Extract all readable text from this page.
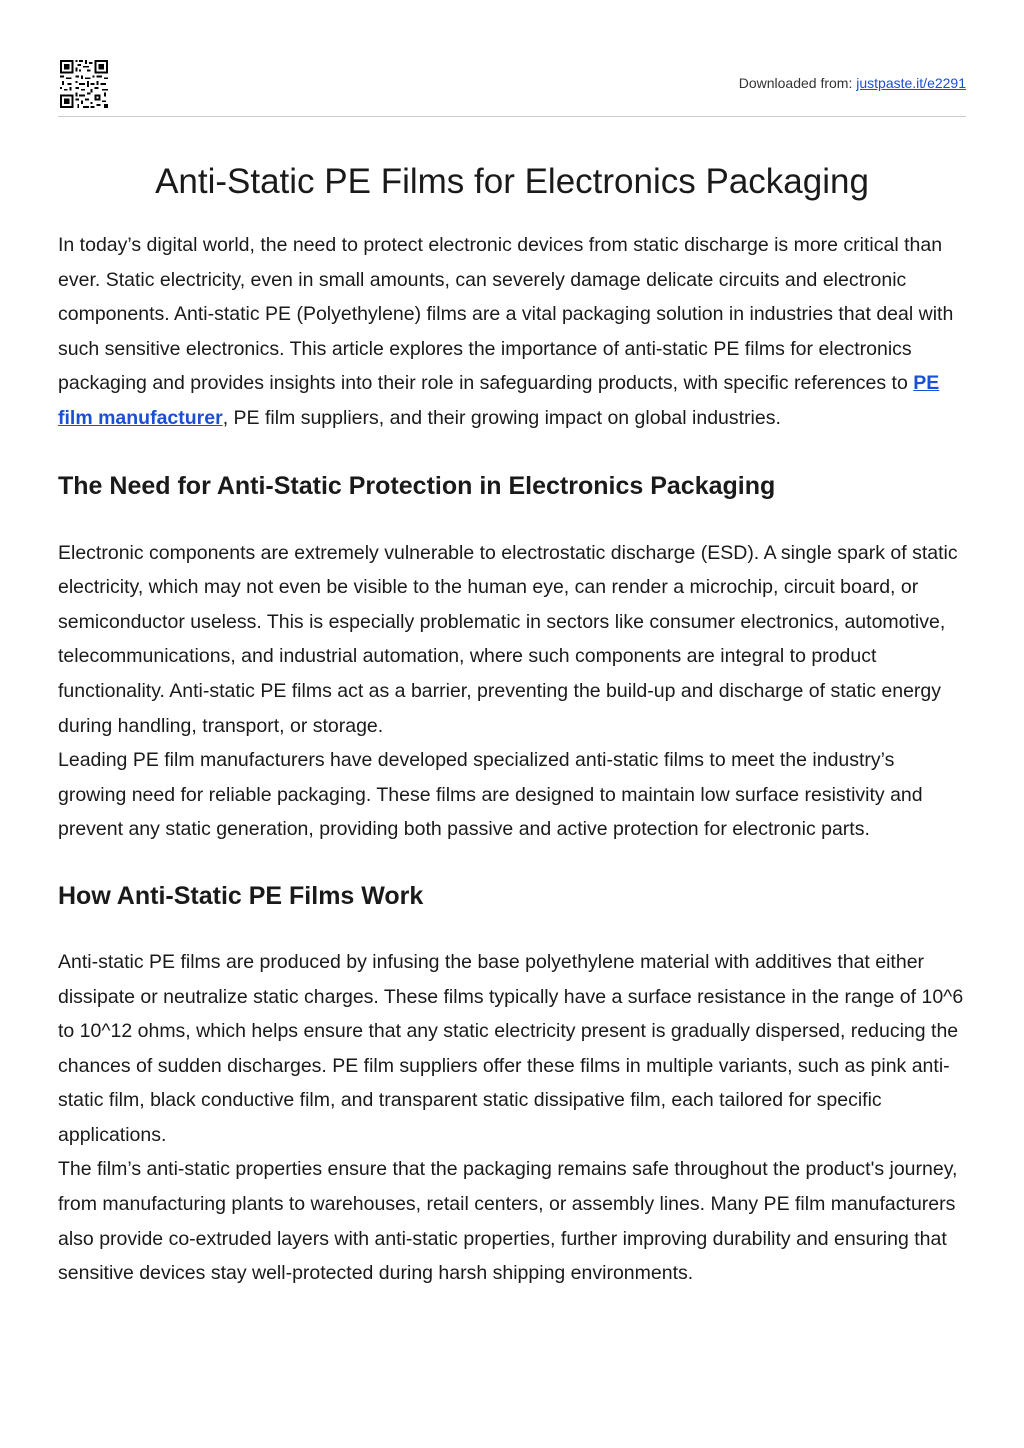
Downloaded from: justpaste.it/e2291
Anti-Static PE Films for Electronics Packaging

In today’s digital world, the need to protect electronic devices from static discharge is more critical than ever. Static electricity, even in small amounts, can severely damage delicate circuits and electronic components. Anti-static PE (Polyethylene) films are a vital packaging solution in industries that deal with such sensitive electronics. This article explores the importance of anti-static PE films for electronics packaging and provides insights into their role in safeguarding products, with specific references to PE film manufacturer, PE film suppliers, and their growing impact on global industries.

The Need for Anti-Static Protection in Electronics Packaging

Electronic components are extremely vulnerable to electrostatic discharge (ESD). A single spark of static electricity, which may not even be visible to the human eye, can render a microchip, circuit board, or semiconductor useless. This is especially problematic in sectors like consumer electronics, automotive, telecommunications, and industrial automation, where such components are integral to product functionality. Anti-static PE films act as a barrier, preventing the build-up and discharge of static energy during handling, transport, or storage.

Leading PE film manufacturers have developed specialized anti-static films to meet the industry’s growing need for reliable packaging. These films are designed to maintain low surface resistivity and prevent any static generation, providing both passive and active protection for electronic parts.

How Anti-Static PE Films Work

Anti-static PE films are produced by infusing the base polyethylene material with additives that either dissipate or neutralize static charges. These films typically have a surface resistance in the range of 10^6 to 10^12 ohms, which helps ensure that any static electricity present is gradually dispersed, reducing the chances of sudden discharges. PE film suppliers offer these films in multiple variants, such as pink anti-static film, black conductive film, and transparent static dissipative film, each tailored for specific applications.

The film’s anti-static properties ensure that the packaging remains safe throughout the product's journey, from manufacturing plants to warehouses, retail centers, or assembly lines. Many PE film manufacturers also provide co-extruded layers with anti-static properties, further improving durability and ensuring that sensitive devices stay well-protected during harsh shipping environments.
